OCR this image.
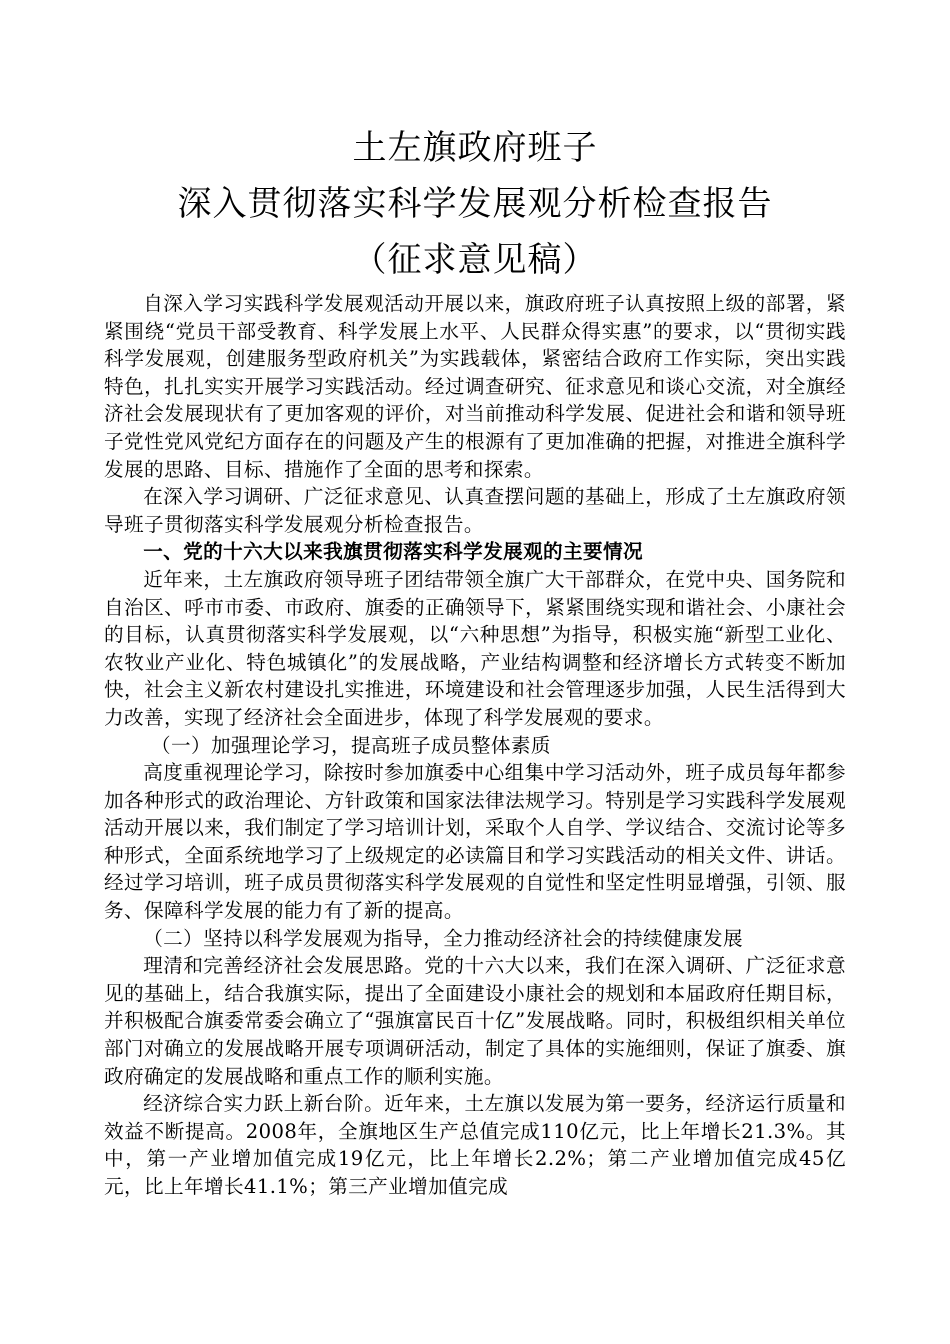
土左旗政府班子
深入贯彻落实科学发展观分析检查报告
（征求意见稿）

自深入学习实践科学发展观活动开展以来，旗政府班子认真按照上级的部署，紧紧围绕“党员干部受教育、科学发展上水平、人民群众得实惠”的要求，以“贯彻实践科学发展观，创建服务型政府机关”为实践载体，紧密结合政府工作实际，突出实践特色，扎扎实实开展学习实践活动。经过调查研究、征求意见和谈心交流，对全旗经济社会发展现状有了更加客观的评价，对当前推动科学发展、促进社会和谐和领导班子党性党风党纪方面存在的问题及产生的根源有了更加准确的把握，对推进全旗科学发展的思路、目标、措施作了全面的思考和探索。

在深入学习调研、广泛征求意见、认真查摆问题的基础上，形成了土左旗政府领导班子贯彻落实科学发展观分析检查报告。

一、党的十六大以来我旗贯彻落实科学发展观的主要情况

近年来，土左旗政府领导班子团结带领全旗广大干部群众，在党中央、国务院和自治区、呼市市委、市政府、旗委的正确领导下，紧紧围绕实现和谐社会、小康社会的目标，认真贯彻落实科学发展观，以“六种思想”为指导，积极实施“新型工业化、农牧业产业化、特色城镇化”的发展战略，产业结构调整和经济增长方式转变不断加快，社会主义新农村建设扎实推进，环境建设和社会管理逐步加强，人民生活得到大力改善，实现了经济社会全面进步，体现了科学发展观的要求。

（一）加强理论学习，提高班子成员整体素质

高度重视理论学习，除按时参加旗委中心组集中学习活动外，班子成员每年都参加各种形式的政治理论、方针政策和国家法律法规学习。特别是学习实践科学发展观活动开展以来，我们制定了学习培训计划，采取个人自学、学议结合、交流讨论等多种形式，全面系统地学习了上级规定的必读篇目和学习实践活动的相关文件、讲话。经过学习培训，班子成员贯彻落实科学发展观的自觉性和坚定性明显增强，引领、服务、保障科学发展的能力有了新的提高。

（二）坚持以科学发展观为指导，全力推动经济社会的持续健康发展

理清和完善经济社会发展思路。党的十六大以来，我们在深入调研、广泛征求意见的基础上，结合我旗实际，提出了全面建设小康社会的规划和本届政府任期目标，并积极配合旗委常委会确立了“强旗富民百十亿”发展战略。同时，积极组织相关单位部门对确立的发展战略开展专项调研活动，制定了具体的实施细则，保证了旗委、旗政府确定的发展战略和重点工作的顺利实施。

经济综合实力跃上新台阶。近年来，土左旗以发展为第一要务，经济运行质量和效益不断提高。2008年，全旗地区生产总值完成110亿元，比上年增长21.3%。其中，第一产业增加值完成19亿元，比上年增长2.2%；第二产业增加值完成45亿元，比上年增长41.1%；第三产业增加值完成
